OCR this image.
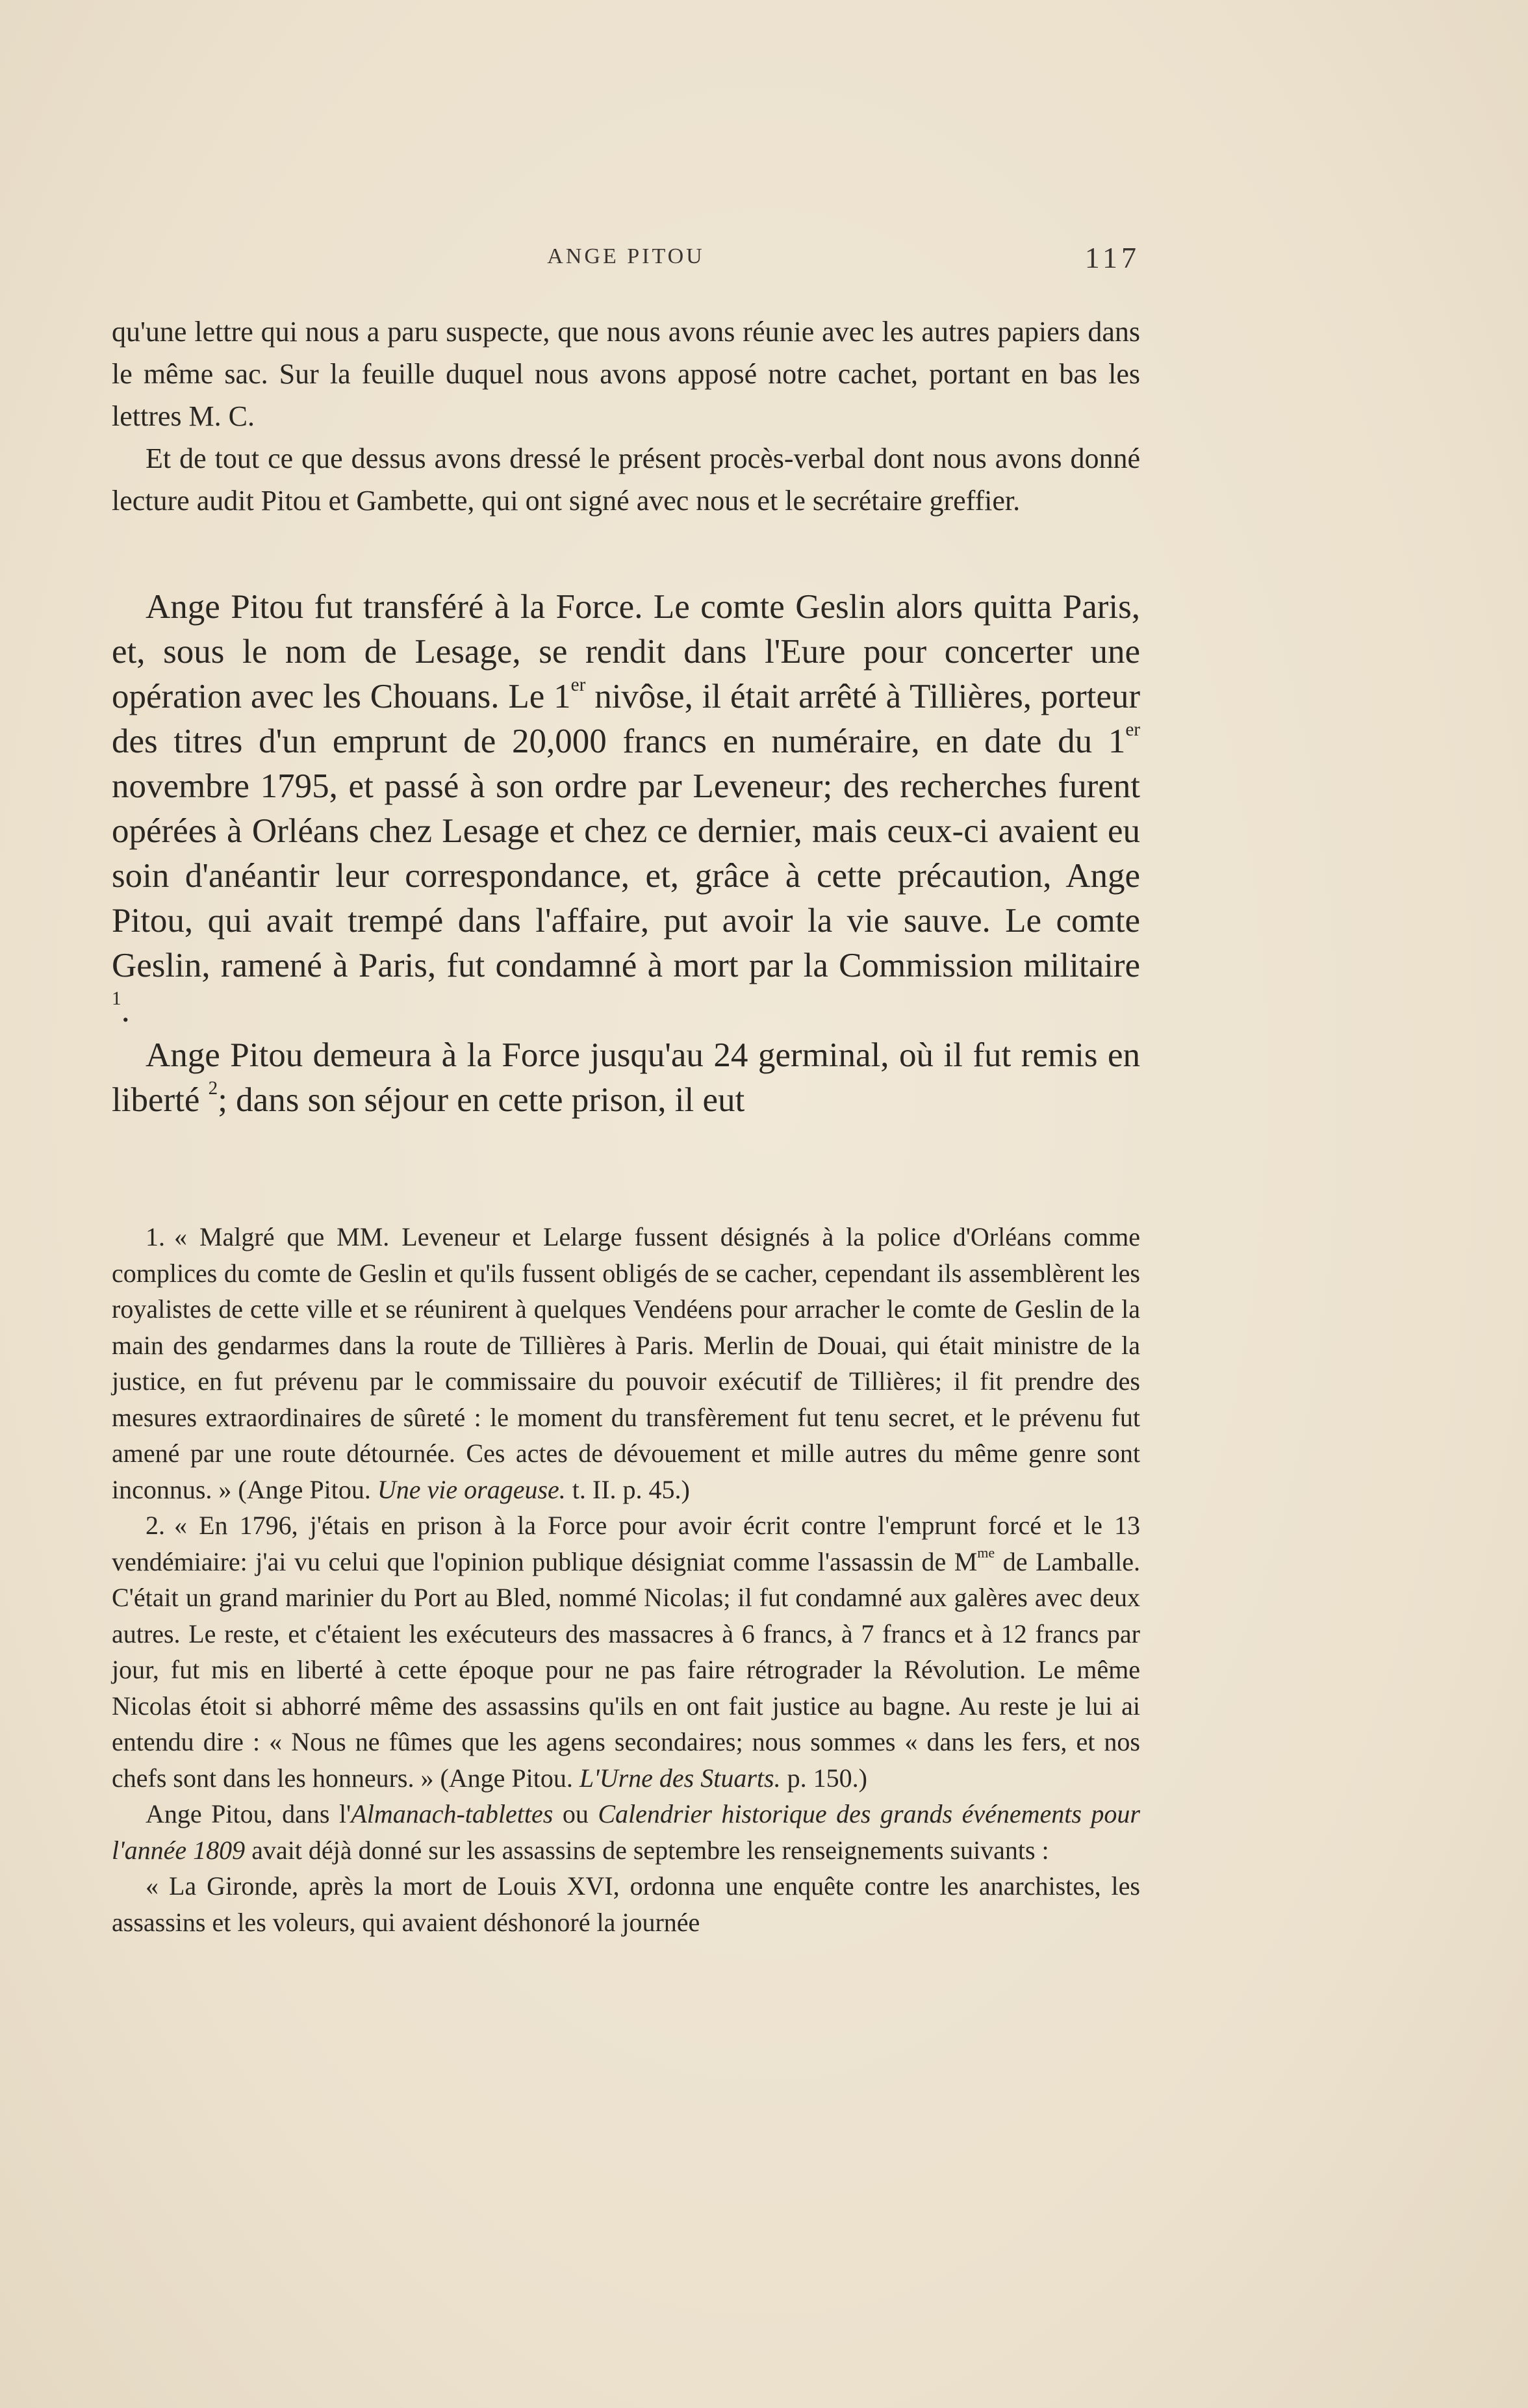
ANGE PITOU	117

qu'une lettre qui nous a paru suspecte, que nous avons réunie avec les autres papiers dans le même sac. Sur la feuille duquel nous avons apposé notre cachet, portant en bas les lettres M. C.

Et de tout ce que dessus avons dressé le présent procès-verbal dont nous avons donné lecture audit Pitou et Gambette, qui ont signé avec nous et le secrétaire greffier.

Ange Pitou fut transféré à la Force. Le comte Geslin alors quitta Paris, et, sous le nom de Lesage, se rendit dans l'Eure pour concerter une opération avec les Chouans. Le 1er nivôse, il était arrêté à Tillières, porteur des titres d'un emprunt de 20,000 francs en numéraire, en date du 1er novembre 1795, et passé à son ordre par Leveneur; des recherches furent opérées à Orléans chez Lesage et chez ce dernier, mais ceux-ci avaient eu soin d'anéantir leur correspondance, et, grâce à cette précaution, Ange Pitou, qui avait trempé dans l'affaire, put avoir la vie sauve. Le comte Geslin, ramené à Paris, fut condamné à mort par la Commission militaire $^1$.

Ange Pitou demeura à la Force jusqu'au 24 germinal, où il fut remis en liberté $^2$; dans son séjour en cette prison, il eut

1. « Malgré que MM. Leveneur et Lelarge fussent désignés à la police d'Orléans comme complices du comte de Geslin et qu'ils fussent obligés de se cacher, cependant ils assemblèrent les royalistes de cette ville et se réunirent à quelques Vendéens pour arracher le comte de Geslin de la main des gendarmes dans la route de Tillières à Paris. Merlin de Douai, qui était ministre de la justice, en fut prévenu par le commissaire du pouvoir exécutif de Tillières; il fit prendre des mesures extraordinaires de sûreté : le moment du transfèrement fut tenu secret, et le prévenu fut amené par une route détournée. Ces actes de dévouement et mille autres du même genre sont inconnus. » (Ange Pitou. Une vie orageuse. t. II. p. 45.)

2. « En 1796, j'étais en prison à la Force pour avoir écrit contre l'emprunt forcé et le 13 vendémiaire: j'ai vu celui que l'opinion publique désigniat comme l'assassin de $M^{me}$ de Lamballe. C'était un grand marinier du Port au Bled, nommé Nicolas; il fut condamné aux galères avec deux autres. Le reste, et c'étaient les exécuteurs des massacres à 6 francs, à 7 francs et à 12 francs par jour, fut mis en liberté à cette époque pour ne pas faire rétrograder la Révolution. Le même Nicolas étoit si abhorré même des assassins qu'ils en ont fait justice au bagne. Au reste je lui ai entendu dire : « Nous ne fûmes que les agens secondaires; nous sommes « dans les fers, et nos chefs sont dans les honneurs. » (Ange Pitou. L'Urne des Stuarts. p. 150.)

Ange Pitou, dans l'Almanach-tablettes ou Calendrier historique des grands événements pour l'année 1809 avait déjà donné sur les assassins de septembre les renseignements suivants :

« La Gironde, après la mort de Louis XVI, ordonna une enquête contre les anarchistes, les assassins et les voleurs, qui avaient déshonoré la journée
